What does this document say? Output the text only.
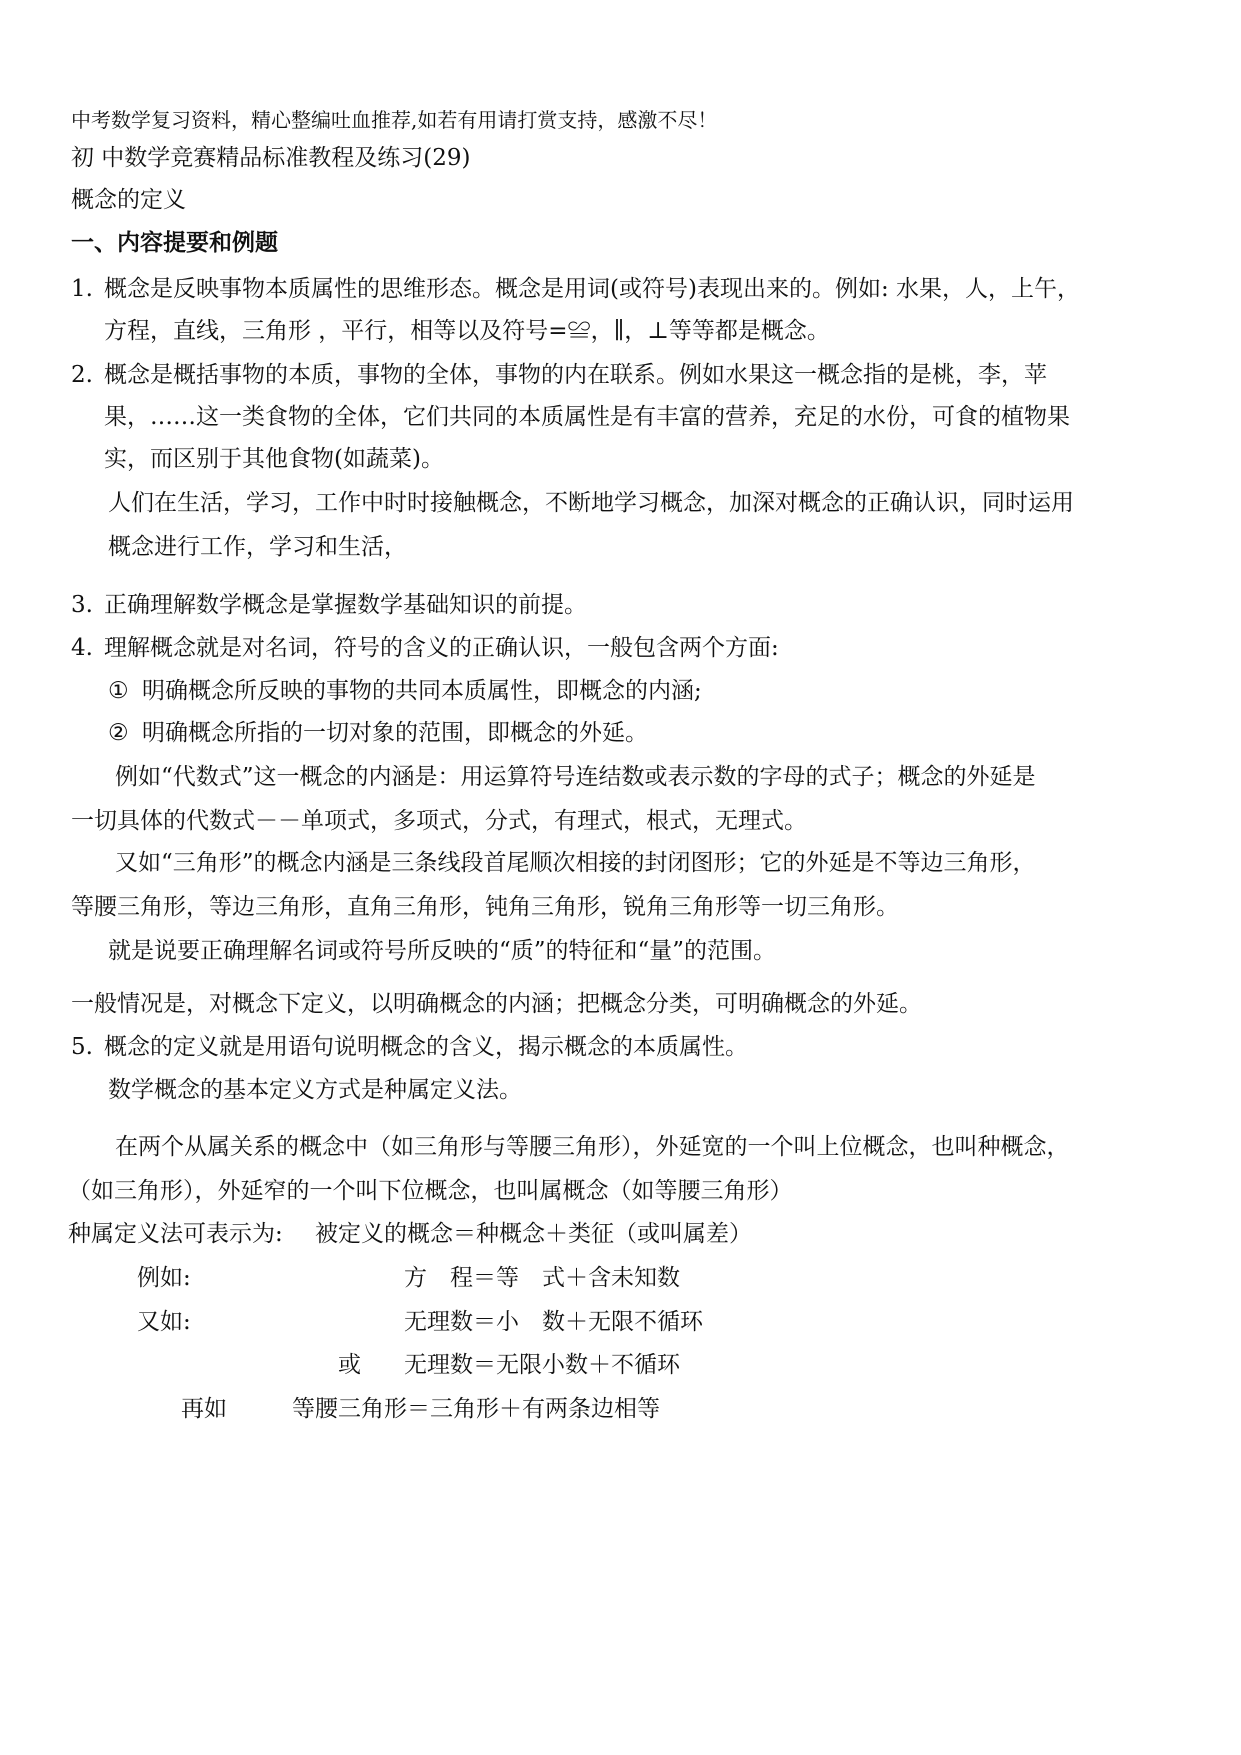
中考数学复习资料，精心整编吐血推荐,如若有用请打赏支持，感激不尽！
初 中数学竞赛精品标准教程及练习(29)
概念的定义
一、内容提要和例题
1. 概念是反映事物本质属性的思维形态。概念是用词(或符号)表现出来的。例如: 水果，人，上午，
方程，直线，三角形 ，平行，相等以及符号=≌，∥，⊥等等都是概念。
2. 概念是概括事物的本质，事物的全体，事物的内在联系。例如水果这一概念指的是桃，李，苹
果，……这一类食物的全体，它们共同的本质属性是有丰富的营养，充足的水份，可食的植物果
实，而区别于其他食物(如蔬菜)。
人们在生活，学习，工作中时时接触概念，不断地学习概念，加深对概念的正确认识，同时运用
概念进行工作，学习和生活，
3. 正确理解数学概念是掌握数学基础知识的前提。
4. 理解概念就是对名词，符号的含义的正确认识，一般包含两个方面:
① 明确概念所反映的事物的共同本质属性，即概念的内涵;
② 明确概念所指的一切对象的范围，即概念的外延。
例如“代数式”这一概念的内涵是：用运算符号连结数或表示数的字母的式子；概念的外延是
一切具体的代数式－－单项式，多项式，分式，有理式，根式，无理式。
又如“三角形”的概念内涵是三条线段首尾顺次相接的封闭图形；它的外延是不等边三角形，
等腰三角形，等边三角形，直角三角形，钝角三角形，锐角三角形等一切三角形。
就是说要正确理解名词或符号所反映的“质”的特征和“量”的范围。
一般情况是，对概念下定义，以明确概念的内涵；把概念分类，可明确概念的外延。
5. 概念的定义就是用语句说明概念的含义，揭示概念的本质属性。
数学概念的基本定义方式是种属定义法。
在两个从属关系的概念中（如三角形与等腰三角形），外延宽的一个叫上位概念，也叫种概念，
（如三角形），外延窄的一个叫下位概念，也叫属概念（如等腰三角形）
种属定义法可表示为: 被定义的概念＝种概念＋类征（或叫属差）
例如:	方　程＝等　式＋含未知数
又如:	无理数＝小　数＋无限不循环
或 无理数＝无限小数＋不循环
再如	等腰三角形＝三角形＋有两条边相等
